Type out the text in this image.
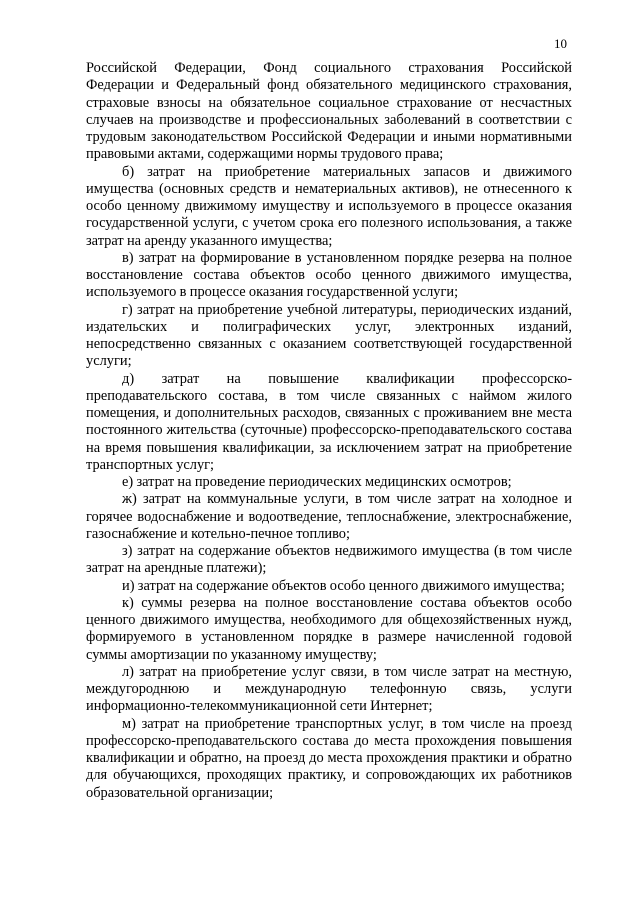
10

Российской Федерации, Фонд социального страхования Российской Федерации и Федеральный фонд обязательного медицинского страхования, страховые взносы на обязательное социальное страхование от несчастных случаев на производстве и профессиональных заболеваний в соответствии с трудовым законодательством Российской Федерации и иными нормативными правовыми актами, содержащими нормы трудового права;

б) затрат на приобретение материальных запасов и движимого имущества (основных средств и нематериальных активов), не отнесенного к особо ценному движимому имуществу и используемого в процессе оказания государственной услуги, с учетом срока его полезного использования, а также затрат на аренду указанного имущества;

в) затрат на формирование в установленном порядке резерва на полное восстановление состава объектов особо ценного движимого имущества, используемого в процессе оказания государственной услуги;

г) затрат на приобретение учебной литературы, периодических изданий, издательских и полиграфических услуг, электронных изданий, непосредственно связанных с оказанием соответствующей государственной услуги;

д) затрат на повышение квалификации профессорско-преподавательского состава, в том числе связанных с наймом жилого помещения, и дополнительных расходов, связанных с проживанием вне места постоянного жительства (суточные) профессорско-преподавательского состава на время повышения квалификации, за исключением затрат на приобретение транспортных услуг;

е) затрат на проведение периодических медицинских осмотров;

ж) затрат на коммунальные услуги, в том числе затрат на холодное и горячее водоснабжение и водоотведение, теплоснабжение, электроснабжение, газоснабжение и котельно-печное топливо;

з) затрат на содержание объектов недвижимого имущества (в том числе затрат на арендные платежи);

и) затрат на содержание объектов особо ценного движимого имущества;

к) суммы резерва на полное восстановление состава объектов особо ценного движимого имущества, необходимого для общехозяйственных нужд, формируемого в установленном порядке в размере начисленной годовой суммы амортизации по указанному имуществу;

л) затрат на приобретение услуг связи, в том числе затрат на местную, междугороднюю и международную телефонную связь, услуги информационно-телекоммуникационной сети Интернет;

м) затрат на приобретение транспортных услуг, в том числе на проезд профессорско-преподавательского состава до места прохождения повышения квалификации и обратно, на проезд до места прохождения практики и обратно для обучающихся, проходящих практику, и сопровождающих их работников образовательной организации;
